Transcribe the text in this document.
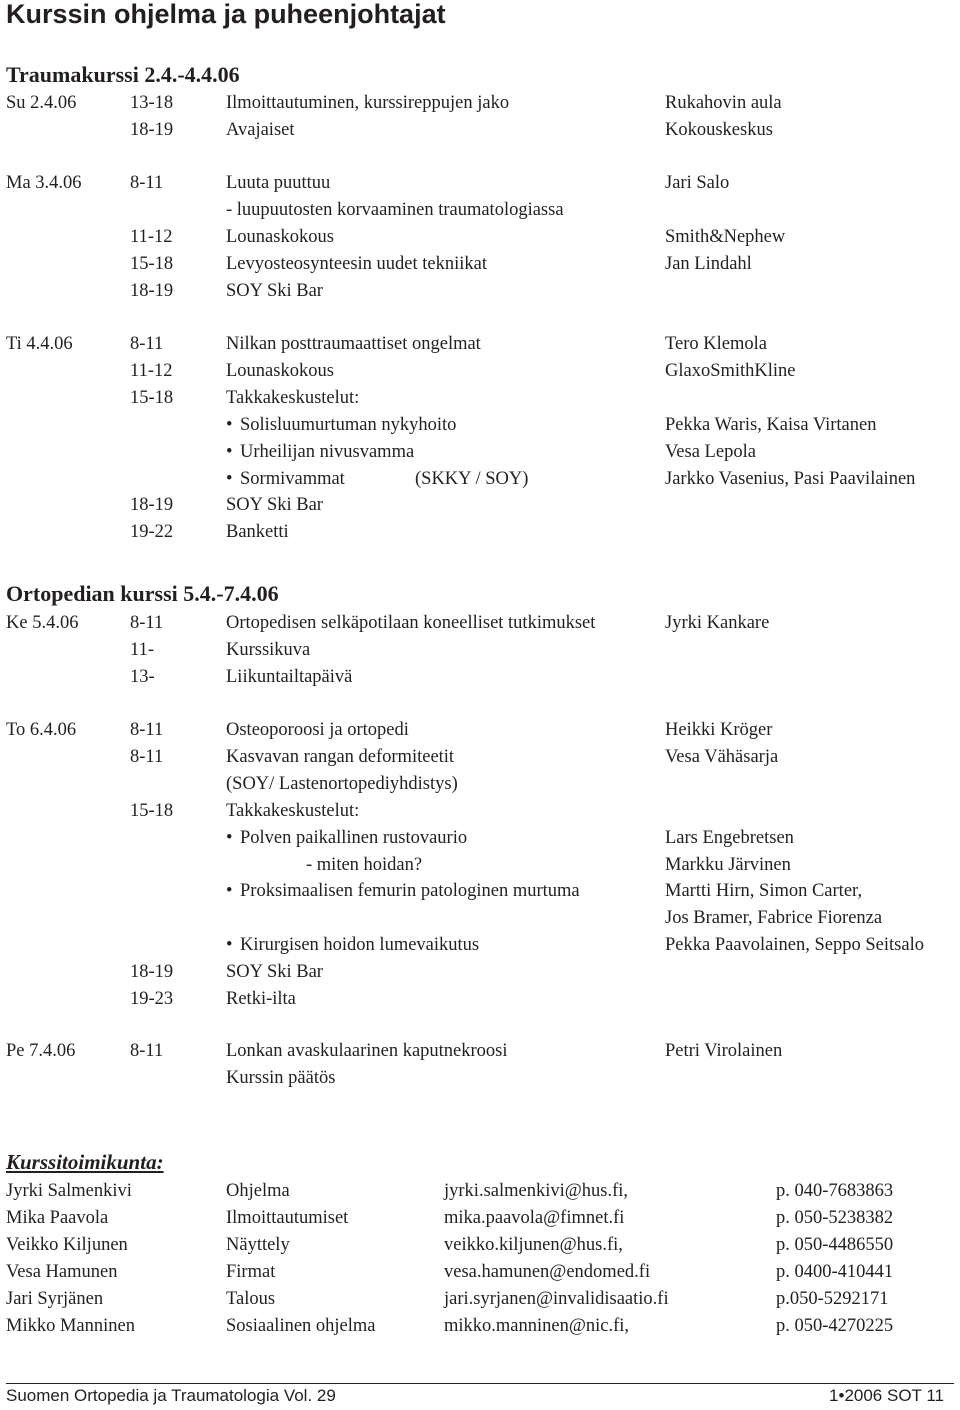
Kurssin ohjelma ja puheenjohtajat
Traumakurssi 2.4.-4.4.06
Su 2.4.06	13-18	Ilmoittautuminen, kurssireppujen jako	Rukahovin aula
18-19	Avajaiset	Kokouskeskus
Ma 3.4.06	8-11	Luuta puuttuu	Jari Salo
- luupuutosten korvaaminen traumatologiassa
11-12	Lounaskokous	Smith&Nephew
15-18	Levyosteosynteesin uudet tekniikat	Jan Lindahl
18-19	SOY Ski Bar
Ti 4.4.06	8-11	Nilkan posttraumaattiset ongelmat	Tero Klemola
11-12	Lounaskokous	GlaxoSmithKline
15-18	Takkakeskustelut:
• Solisluumurtuman nykyhoito	Pekka Waris, Kaisa Virtanen
• Urheilijan nivusvamma	Vesa Lepola
• Sormivammat	(SKKY / SOY)	Jarkko Vasenius, Pasi Paavilainen
18-19	SOY Ski Bar
19-22	Banketti
Ke 5.4.06	8-11	Ortopedisen selkäpotilaan koneelliset tutkimukset	Jyrki Kankare
11-	Kurssikuva
13-	Liikuntailtapäivä
To 6.4.06	8-11	Osteoporoosi ja ortopedi	Heikki Kröger
8-11	Kasvavan rangan deformiteetit	Vesa Vähäsarja
(SOY/ Lastenortopediyhdistys)
15-18	Takkakeskustelut:
• Polven paikallinen rustovaurio	Lars Engebretsen
- miten hoidan?	Markku Järvinen
• Proksimaalisen femurin patologinen murtuma	Martti Hirn, Simon Carter,
Jos Bramer, Fabrice Fiorenza
• Kirurgisen hoidon lumevaikutus	Pekka Paavolainen, Seppo Seitsalo
18-19	SOY Ski Bar
19-23	Retki-ilta
Pe 7.4.06	8-11	Lonkan avaskulaarinen kaputnekroosi	Petri Virolainen
Kurssin päätös
Ortopedian kurssi 5.4.-7.4.06
Kurssitoimikunta:
Jyrki Salmenkivi	Ohjelma	jyrki.salmenkivi@hus.fi,	p. 040-7683863
Mika Paavola	Ilmoittautumiset	mika.paavola@fimnet.fi	p. 050-5238382
Veikko Kiljunen	Näyttely	veikko.kiljunen@hus.fi,	p. 050-4486550
Vesa Hamunen	Firmat	vesa.hamunen@endomed.fi	p. 0400-410441
Jari Syrjänen	Talous	jari.syrjanen@invalidisaatio.fi	p.050-5292171
Mikko Manninen	Sosiaalinen ohjelma	mikko.manninen@nic.fi,	p. 050-4270225
Suomen Ortopedia ja Traumatologia Vol. 29	1•2006 SOT 11
